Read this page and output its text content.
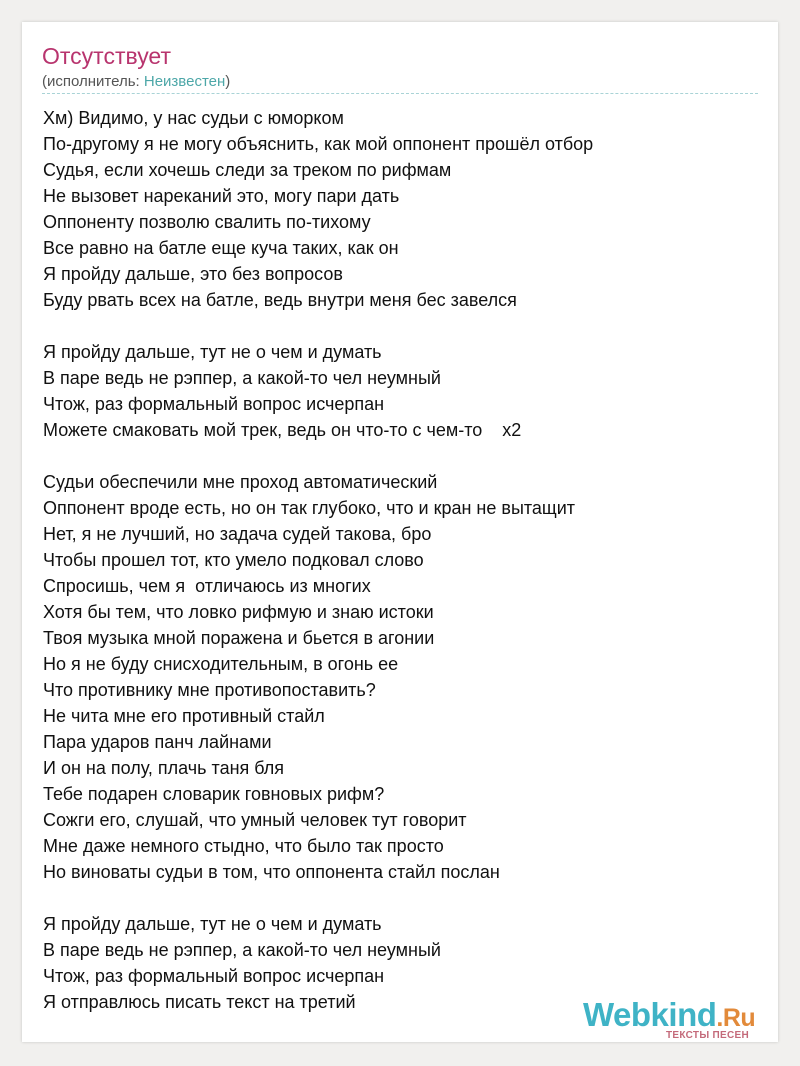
Отсутствует
(исполнитель: Неизвестен)
Хм) Видимо, у нас судьи с юморком
По-другому я не могу объяснить, как мой оппонент прошёл отбор
Судья, если хочешь следи за треком по рифмам
Не вызовет нареканий это, могу пари дать
Оппоненту позволю свалить по-тихому
Все равно на батле еще куча таких, как он
Я пройду дальше, это без вопросов
Буду рвать всех на батле, ведь внутри меня бес завелся
Я пройду дальше, тут не о чем и думать
В паре ведь не рэппер, а какой-то чел неумный
Чтож, раз формальный вопрос исчерпан
Можете смаковать мой трек, ведь он что-то с чем-то    x2
Судьи обеспечили мне проход автоматический
Оппонент вроде есть, но он так глубоко, что и кран не вытащит
Нет, я не лучший, но задача судей такова, бро
Чтобы прошел тот, кто умело подковал слово
Спросишь, чем я  отличаюсь из многих
Хотя бы тем, что ловко рифмую и знаю истоки
Твоя музыка мной поражена и бьется в агонии
Но я не буду снисходительным, в огонь ее
Что противнику мне противопоставить?
Не чита мне его противный стайл
Пара ударов панч лайнами
И он на полу, плачь таня бля
Тебе подарен словарик говновых рифм?
Сожги его, слушай, что умный человек тут говорит
Мне даже немного стыдно, что было так просто
Но виноваты судьи в том, что оппонента стайл послан
Я пройду дальше, тут не о чем и думать
В паре ведь не рэппер, а какой-то чел неумный
Чтож, раз формальный вопрос исчерпан
Я отправлюсь писать текст на третий	Webkind.Ru
ТЕКСТЫ ПЕСЕН
